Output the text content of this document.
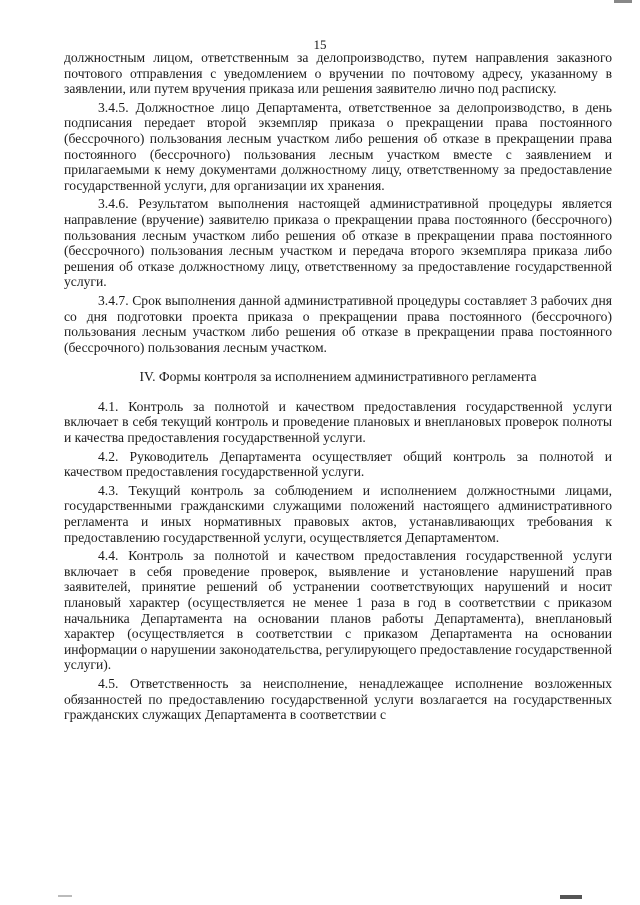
15

должностным лицом, ответственным за делопроизводство, путем направления заказного почтового отправления с уведомлением о вручении по почтовому адресу, указанному в заявлении, или путем вручения приказа или решения заявителю лично под расписку.

3.4.5. Должностное лицо Департамента, ответственное за делопроизводство, в день подписания передает второй экземпляр приказа о прекращении права постоянного (бессрочного) пользования лесным участком либо решения об отказе в прекращении права постоянного (бессрочного) пользования лесным участком вместе с заявлением и прилагаемыми к нему документами должностному лицу, ответственному за предоставление государственной услуги, для организации их хранения.

3.4.6. Результатом выполнения настоящей административной процедуры является направление (вручение) заявителю приказа о прекращении права постоянного (бессрочного) пользования лесным участком либо решения об отказе в прекращении права постоянного (бессрочного) пользования лесным участком и передача второго экземпляра приказа либо решения об отказе должностному лицу, ответственному за предоставление государственной услуги.

3.4.7. Срок выполнения данной административной процедуры составляет 3 рабочих дня со дня подготовки проекта приказа о прекращении права постоянного (бессрочного) пользования лесным участком либо решения об отказе в прекращении права постоянного (бессрочного) пользования лесным участком.

IV. Формы контроля за исполнением административного регламента

4.1. Контроль за полнотой и качеством предоставления государственной услуги включает в себя текущий контроль и проведение плановых и внеплановых проверок полноты и качества предоставления государственной услуги.

4.2. Руководитель Департамента осуществляет общий контроль за полнотой и качеством предоставления государственной услуги.

4.3. Текущий контроль за соблюдением и исполнением должностными лицами, государственными гражданскими служащими положений настоящего административного регламента и иных нормативных правовых актов, устанавливающих требования к предоставлению государственной услуги, осуществляется Департаментом.

4.4. Контроль за полнотой и качеством предоставления государственной услуги включает в себя проведение проверок, выявление и установление нарушений прав заявителей, принятие решений об устранении соответствующих нарушений и носит плановый характер (осуществляется не менее 1 раза в год в соответствии с приказом начальника Департамента на основании планов работы Департамента), внеплановый характер (осуществляется в соответствии с приказом Департамента на основании информации о нарушении законодательства, регулирующего предоставление государственной услуги).

4.5. Ответственность за неисполнение, ненадлежащее исполнение возложенных обязанностей по предоставлению государственной услуги возлагается на государственных гражданских служащих Департамента в соответствии с
